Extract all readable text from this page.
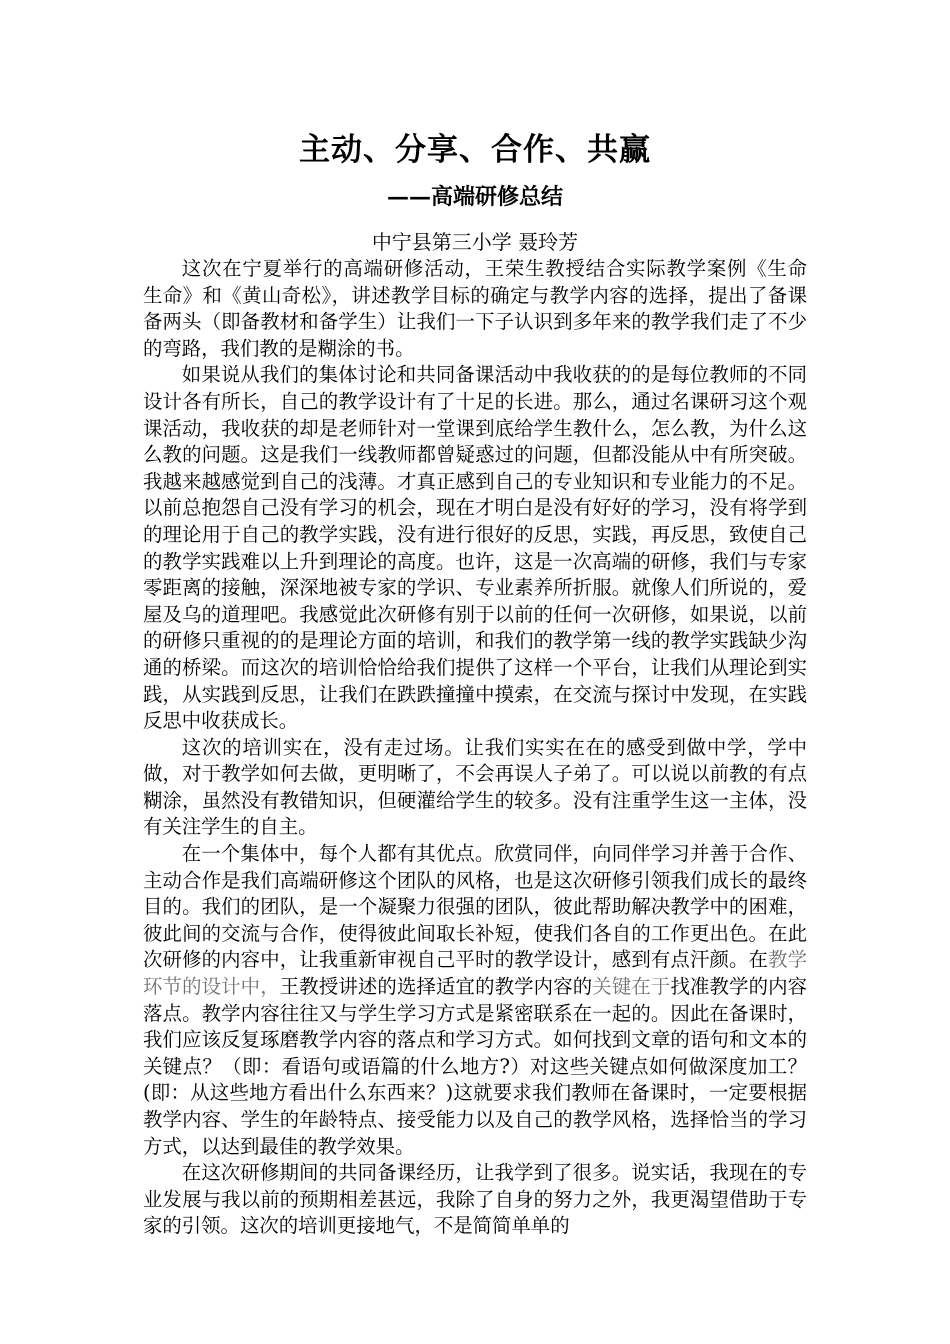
主动、分享、合作、共赢
——高端研修总结

中宁县第三小学 聂玲芳

这次在宁夏举行的高端研修活动，王荣生教授结合实际教学案例《生命 生命》和《黄山奇松》，讲述教学目标的确定与教学内容的选择，提出了备课备两头（即备教材和备学生）让我们一下子认识到多年来的教学我们走了不少的弯路，我们教的是糊涂的书。

如果说从我们的集体讨论和共同备课活动中我收获的的是每位教师的不同设计各有所长，自己的教学设计有了十足的长进。那么，通过名课研习这个观课活动，我收获的却是老师针对一堂课到底给学生教什么，怎么教，为什么这么教的问题。这是我们一线教师都曾疑惑过的问题，但都没能从中有所突破。我越来越感觉到自己的浅薄。才真正感到自己的专业知识和专业能力的不足。以前总抱怨自己没有学习的机会，现在才明白是没有好好的学习，没有将学到的理论用于自己的教学实践，没有进行很好的反思，实践，再反思，致使自己的教学实践难以上升到理论的高度。也许，这是一次高端的研修，我们与专家零距离的接触，深深地被专家的学识、专业素养所折服。就像人们所说的，爱屋及乌的道理吧。我感觉此次研修有别于以前的任何一次研修，如果说，以前的研修只重视的的是理论方面的培训，和我们的教学第一线的教学实践缺少沟通的桥梁。而这次的培训恰恰给我们提供了这样一个平台，让我们从理论到实践，从实践到反思，让我们在跌跌撞撞中摸索，在交流与探讨中发现，在实践反思中收获成长。

这次的培训实在，没有走过场。让我们实实在在的感受到做中学，学中做，对于教学如何去做，更明晰了，不会再误人子弟了。可以说以前教的有点糊涂，虽然没有教错知识，但硬灌给学生的较多。没有注重学生这一主体，没有关注学生的自主。

在一个集体中，每个人都有其优点。欣赏同伴，向同伴学习并善于合作、主动合作是我们高端研修这个团队的风格，也是这次研修引领我们成长的最终目的。我们的团队，是一个凝聚力很强的团队，彼此帮助解决教学中的困难，彼此间的交流与合作，使得彼此间取长补短，使我们各自的工作更出色。在此次研修的内容中，让我重新审视自己平时的教学设计，感到有点汗颜。在教学环节的设计中，王教授讲述的选择适宜的教学内容的关键在于找准教学的内容落点。教学内容往往又与学生学习方式是紧密联系在一起的。因此在备课时，我们应该反复琢磨教学内容的落点和学习方式。如何找到文章的语句和文本的关键点？（即：看语句或语篇的什么地方?）对这些关键点如何做深度加工？(即：从这些地方看出什么东西来？)这就要求我们教师在备课时，一定要根据教学内容、学生的年龄特点、接受能力以及自己的教学风格，选择恰当的学习方式，以达到最佳的教学效果。

在这次研修期间的共同备课经历，让我学到了很多。说实话，我现在的专业发展与我以前的预期相差甚远，我除了自身的努力之外，我更渴望借助于专家的引领。这次的培训更接地气，不是简简单单的
